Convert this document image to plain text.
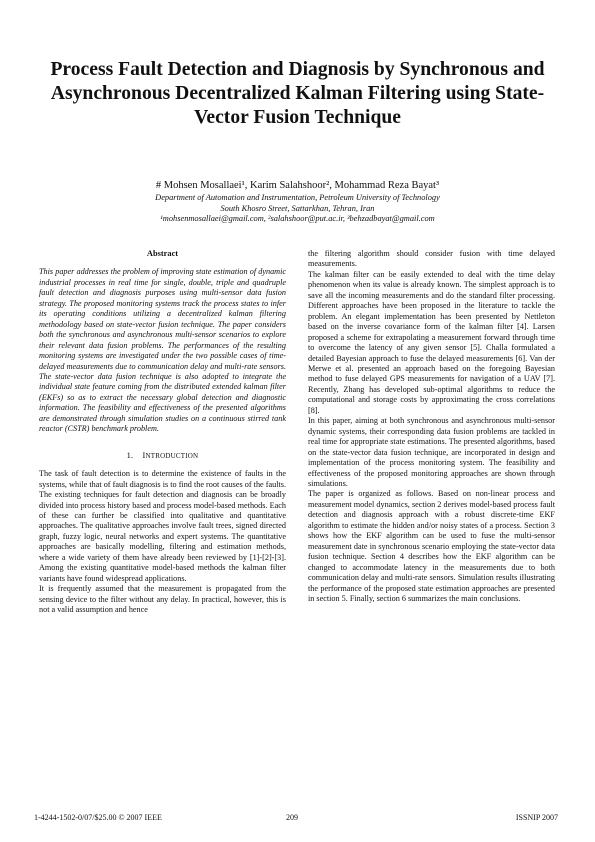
Process Fault Detection and Diagnosis by Synchronous and Asynchronous Decentralized Kalman Filtering using State-Vector Fusion Technique
# Mohsen Mosallaei¹, Karim Salahshoor², Mohammad Reza Bayat³
Department of Automation and Instrumentation, Petroleum University of Technology
South Khosro Street, Sattarkhan, Tehran, Iran
¹mohsenmosallaei@gmail.com, ²salahshoor@put.ac.ir, ³behzadbayat@gmail.com
Abstract

This paper addresses the problem of improving state estimation of dynamic industrial processes in real time for single, double, triple and quadruple fault detection and diagnosis purposes using multi-sensor data fusion strategy. The proposed monitoring systems track the process states to infer its operating conditions utilizing a decentralized kalman filtering methodology based on state-vector fusion technique. The paper considers both the synchronous and asynchronous multi-sensor scenarios to explore their relevant data fusion problems. The performances of the resulting monitoring systems are investigated under the two possible cases of time-delayed measurements due to communication delay and multi-rate sensors. The state-vector data fusion technique is also adopted to integrate the individual state feature coming from the distributed extended kalman filter (EKFs) so as to extract the necessary global detection and diagnostic information. The feasibility and effectiveness of the presented algorithms are demonstrated through simulation studies on a continuous stirred tank reactor (CSTR) benchmark problem.

1. INTRODUCTION

The task of fault detection is to determine the existence of faults in the systems, while that of fault diagnosis is to find the root causes of the faults. The existing techniques for fault detection and diagnosis can be broadly divided into process history based and process model-based methods. Each of these can further be classified into qualitative and quantitative approaches. The qualitative approaches involve fault trees, signed directed graph, fuzzy logic, neural networks and expert systems. The quantitative approaches are basically modelling, filtering and estimation methods, where a wide variety of them have already been reviewed by [1]-[2]-[3]. Among the existing quantitative model-based methods the kalman filter variants have found widespread applications.

It is frequently assumed that the measurement is propagated from the sensing device to the filter without any delay. In practical, however, this is not a valid assumption and hence

the filtering algorithm should consider fusion with time delayed measurements.

The kalman filter can be easily extended to deal with the time delay phenomenon when its value is already known. The simplest approach is to save all the incoming measurements and do the standard filter processing. Different approaches have been proposed in the literature to tackle the problem. An elegant implementation has been presented by Nettleton based on the inverse covariance form of the kalman filter [4]. Larsen proposed a scheme for extrapolating a measurement forward through time to overcome the latency of any given sensor [5]. Challa formulated a detailed Bayesian approach to fuse the delayed measurements [6]. Van der Merwe et al. presented an approach based on the foregoing Bayesian method to fuse delayed GPS measurements for navigation of a UAV [7]. Recently, Zhang has developed sub-optimal algorithms to reduce the computational and storage costs by approximating the cross correlations [8].

In this paper, aiming at both synchronous and asynchronous multi-sensor dynamic systems, their corresponding data fusion problems are tackled in real time for appropriate state estimations. The presented algorithms, based on the state-vector data fusion technique, are incorporated in design and implementation of the process monitoring system. The feasibility and effectiveness of the proposed monitoring approaches are shown through simulations.

The paper is organized as follows. Based on non-linear process and measurement model dynamics, section 2 derives model-based process fault detection and diagnosis approach with a robust discrete-time EKF algorithm to estimate the hidden and/or noisy states of a process. Section 3 shows how the EKF algorithm can be used to fuse the multi-sensor measurement date in synchronous scenario employing the state-vector data fusion technique. Section 4 describes how the EKF algorithm can be changed to accommodate latency in the measurements due to both communication delay and multi-rate sensors. Simulation results illustrating the performance of the proposed state estimation approaches are presented in section 5. Finally, section 6 summarizes the main conclusions.

1-4244-1502-0/07/$25.00 © 2007 IEEE	209	ISSNIP 2007
